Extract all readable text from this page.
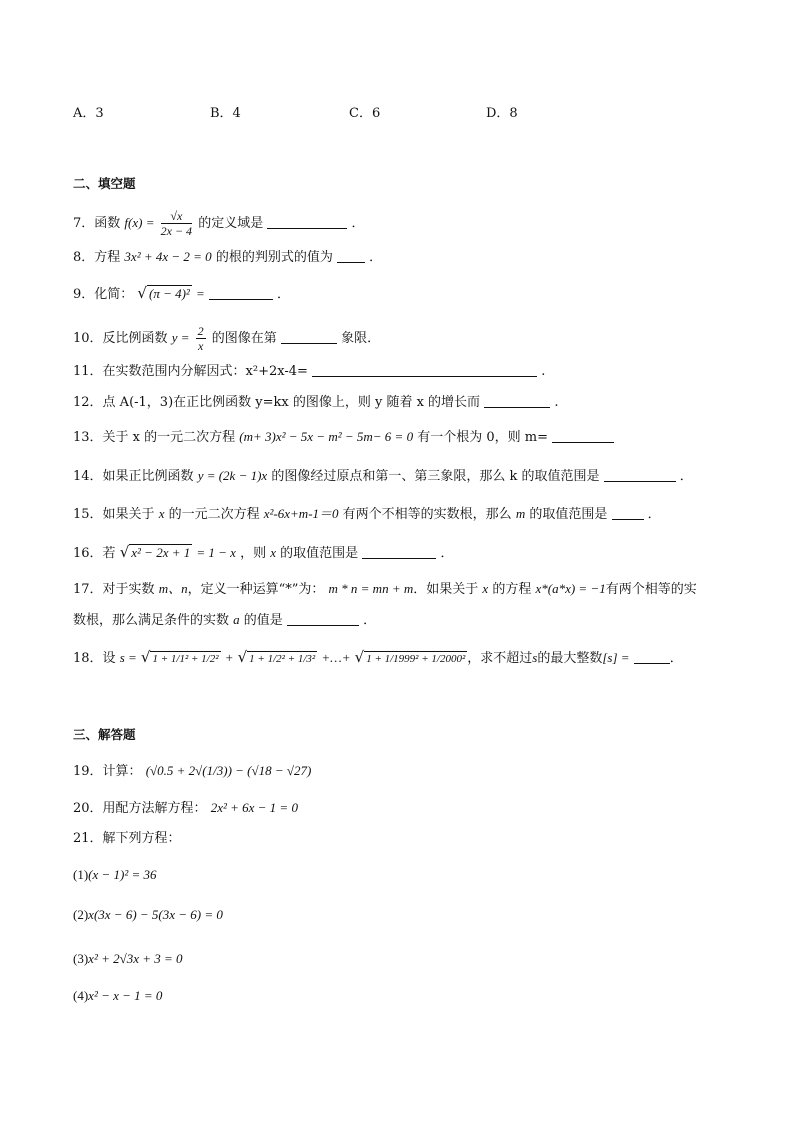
A．3	B．4	C．6	D．8
二、填空题
7．函数 $f(x) = \frac{√x}{2x - 4}$ 的定义域是	．
8．方程 3x² + 4x − 2 = 0 的根的判别式的值为	．
9．化简： √ (π − 4)² =	．
10．反比例函数 $y = \frac{2}{x}$ 的图像在第	象限．
11．在实数范围内分解因式：x²+2x-4=	.
12．点 A(-1，3)在正比例函数 y=kx 的图像上，则 y 随着 x 的增长而	.
13．关于 x 的一元二次方程 (m+ 3)x² − 5x − m² − 5m− 6 = 0 有一个根为 0，则 m=
14．如果正比例函数 y = (2k − 1)x 的图像经过原点和第一、第三象限，那么 k 的取值范围是	．
15．如果关于 x 的一元二次方程 x²-6x+m-1＝0 有两个不相等的实数根，那么 m 的取值范围是	．
16．若 √ x² − 2x + 1 = 1 − x ，则 x 的取值范围是	．
17．对于实数 m、n，定义一种运算“*”为： m * n = mn + m．如果关于 x 的方程 x*(a*x) = −1有两个相等的实
数根，那么满足条件的实数 a 的值是	．
18．设 s = √ 1 + 1/1² + 1/2² + √ 1 + 1/2² + 1/3² +…+ √ 1 + 1/1999² + 1/2000² ，求不超过s的最大整数[s] =	．
三、解答题
19．计算： (√0.5 + 2√(1/3)) − (√18 − √27)
20．用配方法解方程： 2x² + 6x − 1 = 0
21．解下列方程：
(1)(x − 1)² = 36
(2)x(3x − 6) − 5(3x − 6) = 0
(3)x² + 2√3x + 3 = 0
(4)x² − x − 1 = 0
